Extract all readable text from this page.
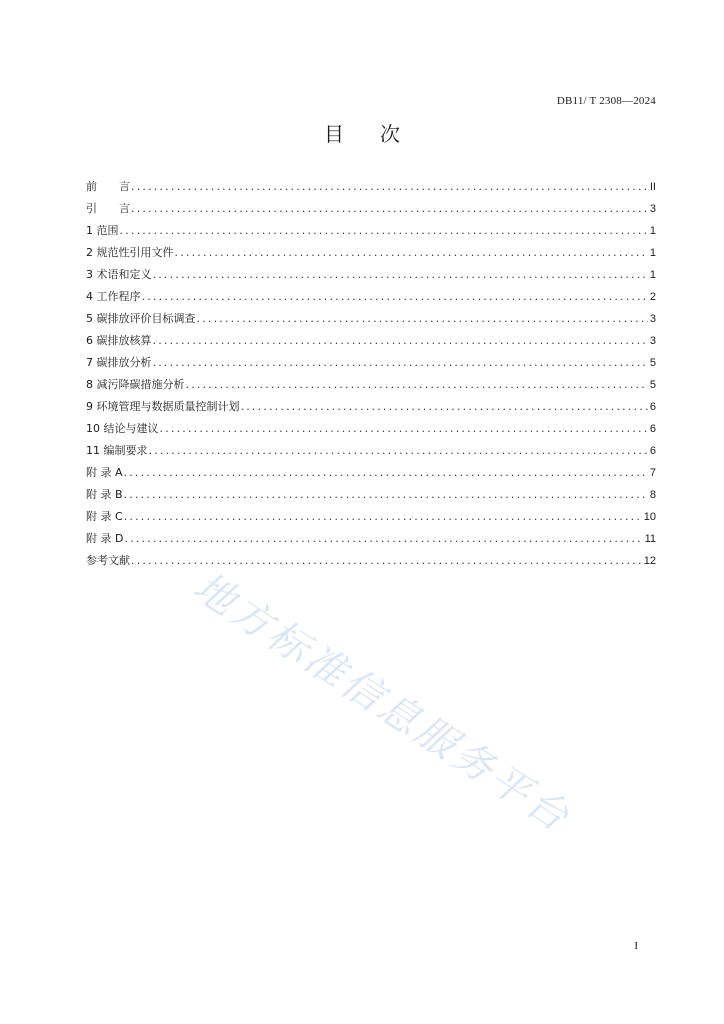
DB11/ T 2308—2024
目次
前　　言 .....	II
引　　言 .....	3
1 范围 .....	1
2 规范性引用文件 .....	1
3 术语和定义 .....	1
4 工作程序 .....	2
5 碳排放评价目标调查 .....	3
6 碳排放核算 .....	3
7 碳排放分析 .....	5
8 减污降碳措施分析 .....	5
9 环境管理与数据质量控制计划 .....	6
10 结论与建议 .....	6
11 编制要求 .....	6
附 录 A .....	7
附 录 B .....	8
附 录 C .....	10
附 录 D .....	11
参考文献 .....	12
地方标准信息服务平台
I
